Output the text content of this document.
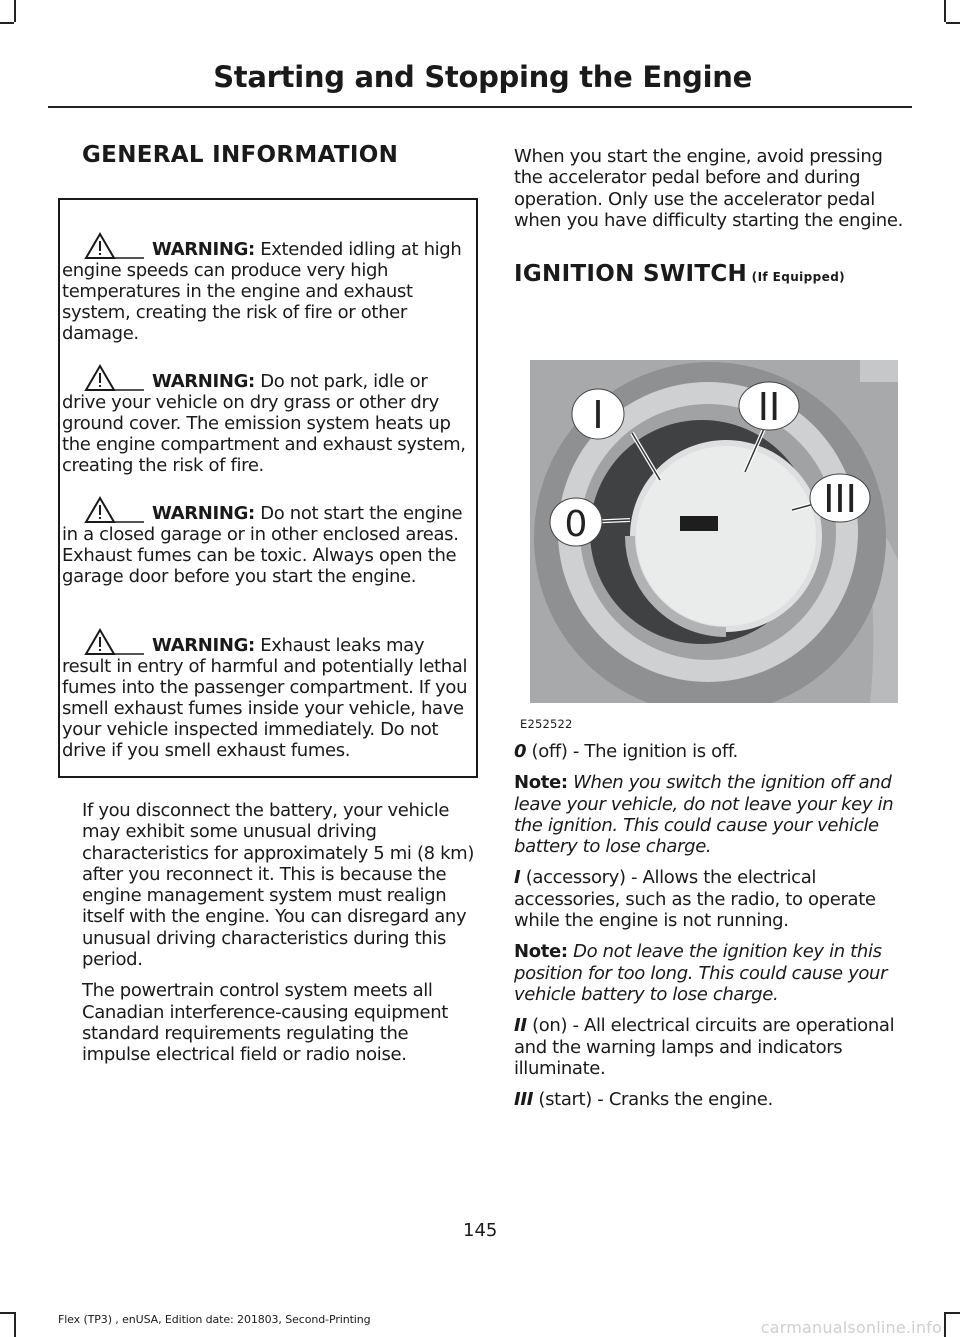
Starting and Stopping the Engine
GENERAL INFORMATION
WARNING: Extended idling at high engine speeds can produce very high temperatures in the engine and exhaust system, creating the risk of fire or other damage.
WARNING: Do not park, idle or drive your vehicle on dry grass or other dry ground cover. The emission system heats up the engine compartment and exhaust system, creating the risk of fire.
WARNING: Do not start the engine in a closed garage or in other enclosed areas. Exhaust fumes can be toxic. Always open the garage door before you start the engine.
WARNING: Exhaust leaks may result in entry of harmful and potentially lethal fumes into the passenger compartment. If you smell exhaust fumes inside your vehicle, have your vehicle inspected immediately. Do not drive if you smell exhaust fumes.

If you disconnect the battery, your vehicle may exhibit some unusual driving characteristics for approximately 5 mi (8 km) after you reconnect it. This is because the engine management system must realign itself with the engine. You can disregard any unusual driving characteristics during this period.

The powertrain control system meets all Canadian interference-causing equipment standard requirements regulating the impulse electrical field or radio noise.

When you start the engine, avoid pressing the accelerator pedal before and during operation. Only use the accelerator pedal when you have difficulty starting the engine.

IGNITION SWITCH (If Equipped)
I	II
III
0
E252522

0 (off) - The ignition is off.

Note: When you switch the ignition off and leave your vehicle, do not leave your key in the ignition. This could cause your vehicle battery to lose charge.

I (accessory) - Allows the electrical accessories, such as the radio, to operate while the engine is not running.

Note: Do not leave the ignition key in this position for too long. This could cause your vehicle battery to lose charge.

II (on) - All electrical circuits are operational and the warning lamps and indicators illuminate.

III (start) - Cranks the engine.

145
Flex (TP3) , enUSA, Edition date: 201803, Second-Printing	carmanualsonline.info
